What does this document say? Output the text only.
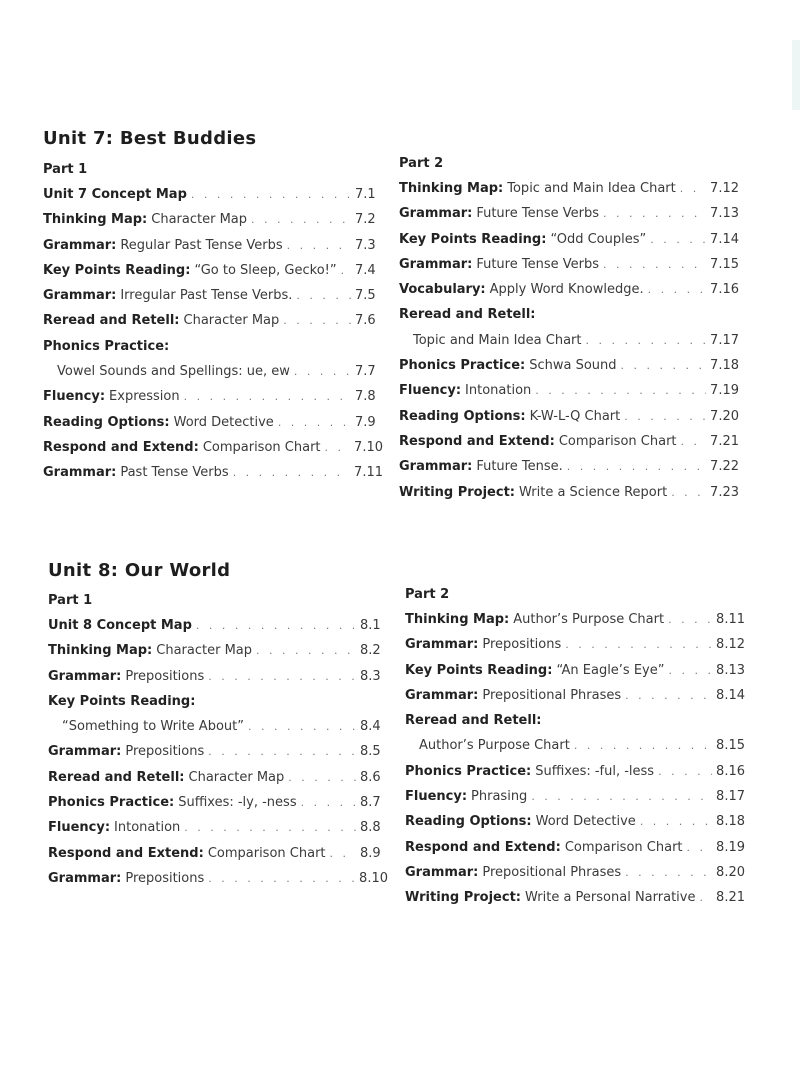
Unit 7: Best Buddies
Part 1
Unit 7 Concept Map . . .	7.1
Thinking Map: Character Map . . .	7.2
Grammar: Regular Past Tense Verbs . . .	7.3
Key Points Reading: “Go to Sleep, Gecko!” . . . 7.4
Grammar: Irregular Past Tense Verbs. . . .	7.5
Reread and Retell: Character Map . . .	7.6
Phonics Practice:
Vowel Sounds and Spellings: ue, ew . . .	7.7
Fluency: Expression . . .	7.8
Reading Options: Word Detective . . .	7.9
Respond and Extend: Comparison Chart . . .	7.10
Grammar: Past Tense Verbs . . .	7.11
Part 2
Thinking Map: Topic and Main Idea Chart . . .	7.12
Grammar: Future Tense Verbs . . .	7.13
Key Points Reading: “Odd Couples” . . .	7.14
Grammar: Future Tense Verbs . . .	7.15
Vocabulary: Apply Word Knowledge. . . .	7.16
Reread and Retell:
Topic and Main Idea Chart . . .	7.17
Phonics Practice: Schwa Sound . . .	7.18
Fluency: Intonation . . .	7.19
Reading Options: K-W-L-Q Chart . . .	7.20
Respond and Extend: Comparison Chart . . .	7.21
Grammar: Future Tense. . . .	7.22
Writing Project: Write a Science Report . . .	7.23
Unit 8: Our World
Part 1
Unit 8 Concept Map . . .	8.1
Thinking Map: Character Map . . .	8.2
Grammar: Prepositions . . .	8.3
Key Points Reading:
“Something to Write About” . . .	8.4
Grammar: Prepositions . . .	8.5
Reread and Retell: Character Map . . .	8.6
Phonics Practice: Suffixes: -ly, -ness . . .	8.7
Fluency: Intonation . . .	8.8
Respond and Extend: Comparison Chart . . .	8.9
Grammar: Prepositions . . .	8.10
Part 2
Thinking Map: Author’s Purpose Chart . . .	8.11
Grammar: Prepositions . . .	8.12
Key Points Reading: “An Eagle’s Eye” . . .	8.13
Grammar: Prepositional Phrases . . .	8.14
Reread and Retell:
Author’s Purpose Chart . . .	8.15
Phonics Practice: Suffixes: -ful, -less . . .	8.16
Fluency: Phrasing . . .	8.17
Reading Options: Word Detective . . .	8.18
Respond and Extend: Comparison Chart . . .	8.19
Grammar: Prepositional Phrases . . .	8.20
Writing Project: Write a Personal Narrative . . . 8.21
